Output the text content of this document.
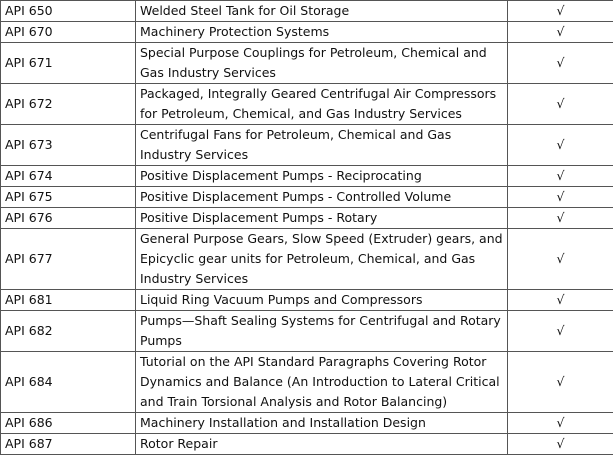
API 650	Welded Steel Tank for Oil Storage	√
API 670	Machinery Protection Systems	√
API 671	Special Purpose Couplings for Petroleum, Chemical and Gas Industry Services	√
API 672	Packaged, Integrally Geared Centrifugal Air Compressors for Petroleum, Chemical, and Gas Industry Services	√
API 673	Centrifugal Fans for Petroleum, Chemical and Gas Industry Services	√
API 674	Positive Displacement Pumps - Reciprocating	√
API 675	Positive Displacement Pumps - Controlled Volume	√
API 676	Positive Displacement Pumps - Rotary	√
API 677	General Purpose Gears, Slow Speed (Extruder) gears, and Epicyclic gear units for Petroleum, Chemical, and Gas Industry Services	√
API 681	Liquid Ring Vacuum Pumps and Compressors	√
API 682	Pumps—Shaft Sealing Systems for Centrifugal and Rotary Pumps	√
API 684	Tutorial on the API Standard Paragraphs Covering Rotor Dynamics and Balance (An Introduction to Lateral Critical and Train Torsional Analysis and Rotor Balancing)	√
API 686	Machinery Installation and Installation Design	√
API 687	Rotor Repair	√
